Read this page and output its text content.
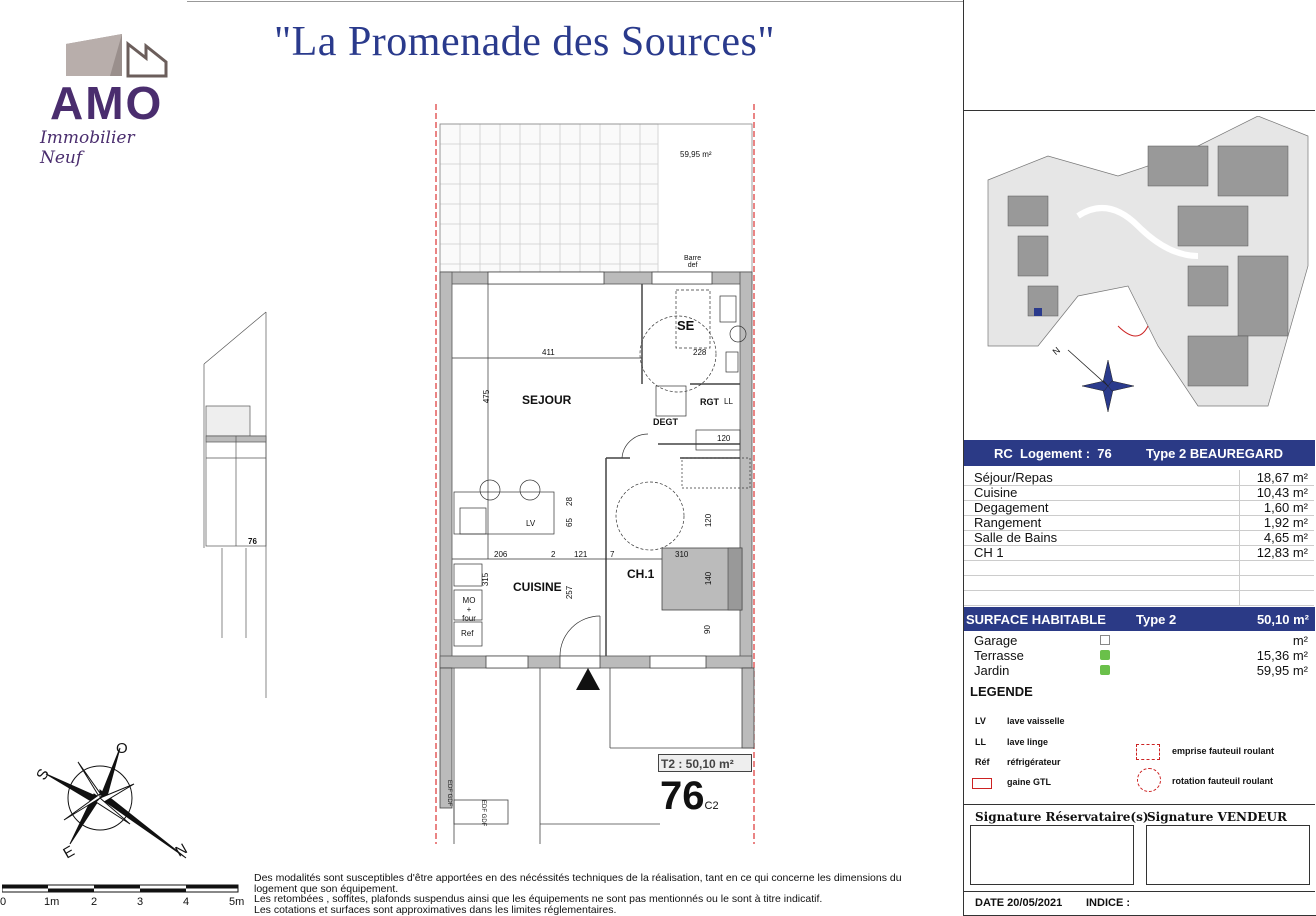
AMO
Immobilier Neuf
"La Promenade des Sources"
59,95 m²
SEJOUR
CUISINE
CH.1
SE
RGT
DEGT
LL
LV
MO
+
four
Ref
Barre
def
411
475
228
206	2 121	7	310
140
90
120
120
315
257
28
65
T2 : 50,10 m²
76C2
EDF GDF
EDF GDF
76
N
S
E
O
0	1m	2	3	4	5m
Des modalités sont susceptibles d'être apportées en des nécéssités techniques de la réalisation, tant en ce qui concerne les dimensions du
logement que son équipement.
Les retombées , soffites, plafonds suspendus ainsi que les équipements ne sont pas mentionnés ou le sont à titre indicatif.
Les cotations et surfaces sont approximatives dans les limites réglementaires.
N
RC  Logement :  76	Type 2 BEAUREGARD
Séjour/Repas	18,67 m²
Cuisine	10,43 m²
Degagement	1,60 m²
Rangement	1,92 m²
Salle de Bains	4,65 m²
CH 1	12,83 m²
SURFACE HABITABLE Type 2	50,10 m²
Garage	m²
Terrasse	15,36 m²
Jardin	59,95 m²
LEGENDE
LV lave vaisselle
LL lave linge
Réf réfrigérateur
gaine GTL
emprise fauteuil roulant
rotation fauteuil roulant
Signature Réservataire(s)
Signature VENDEUR
DATE 20/05/2021 INDICE :
